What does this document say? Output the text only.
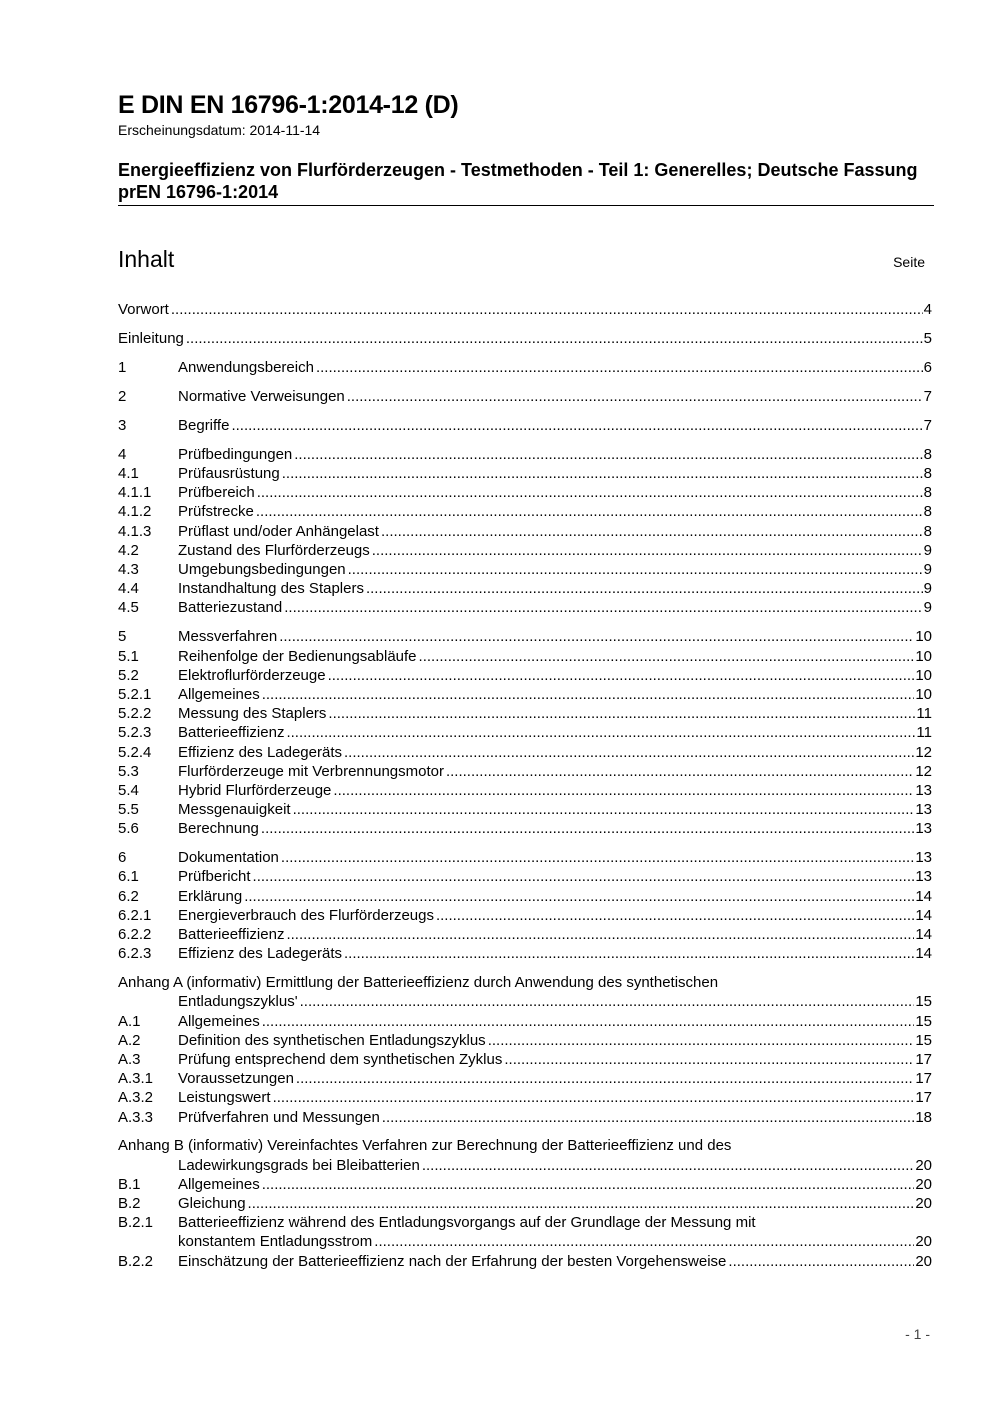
E DIN EN 16796-1:2014-12 (D)
Erscheinungsdatum: 2014-11-14
Energieeffizienz von Flurförderzeugen - Testmethoden - Teil 1: Generelles; Deutsche Fassung prEN 16796-1:2014
Inhalt	Seite
Vorwort .....	4
Einleitung .....	5
1	Anwendungsbereich .....	6
2	Normative Verweisungen .....	7
3	Begriffe .....	7
4	Prüfbedingungen .....	8
4.1	Prüfausrüstung .....	8
4.1.1 Prüfbereich .....	8
4.1.2 Prüfstrecke .....	8
4.1.3 Prüflast und/oder Anhängelast .....	8
4.2	Zustand des Flurförderzeugs .....	9
4.3	Umgebungsbedingungen .....	9
4.4	Instandhaltung des Staplers .....	9
4.5	Batteriezustand .....	9
5	Messverfahren .....	10
5.1	Reihenfolge der Bedienungsabläufe .....	10
5.2	Elektroflurförderzeuge .....	10
5.2.1 Allgemeines .....	10
5.2.2 Messung des Staplers .....	11
5.2.3 Batterieeffizienz .....	11
5.2.4 Effizienz des Ladegeräts .....	12
5.3	Flurförderzeuge mit Verbrennungsmotor .....	12
5.4	Hybrid Flurförderzeuge .....	13
5.5	Messgenauigkeit .....	13
5.6	Berechnung .....	13
6	Dokumentation .....	13
6.1	Prüfbericht .....	13
6.2	Erklärung .....	14
6.2.1 Energieverbrauch des Flurförderzeugs .....	14
6.2.2 Batterieeffizienz .....	14
6.2.3 Effizienz des Ladegeräts .....	14
Anhang A (informativ) Ermittlung der Batterieeffizienz durch Anwendung des synthetischen
Entladungszyklus' .....	15
A.1 Allgemeines .....	15
A.2 Definition des synthetischen Entladungszyklus .....	15
A.3 Prüfung entsprechend dem synthetischen Zyklus .....	17
A.3.1 Voraussetzungen .....	17
A.3.2 Leistungswert .....	17
A.3.3 Prüfverfahren und Messungen .....	18
Anhang B (informativ) Vereinfachtes Verfahren zur Berechnung der Batterieeffizienz und des
Ladewirkungsgrads bei Bleibatterien .....	20
B.1 Allgemeines .....	20
B.2 Gleichung .....	20
B.2.1 Batterieeffizienz während des Entladungsvorgangs auf der Grundlage der Messung mit
konstantem Entladungsstrom .....	20
B.2.2 Einschätzung der Batterieeffizienz nach der Erfahrung der besten Vorgehensweise .....	20
- 1 -
